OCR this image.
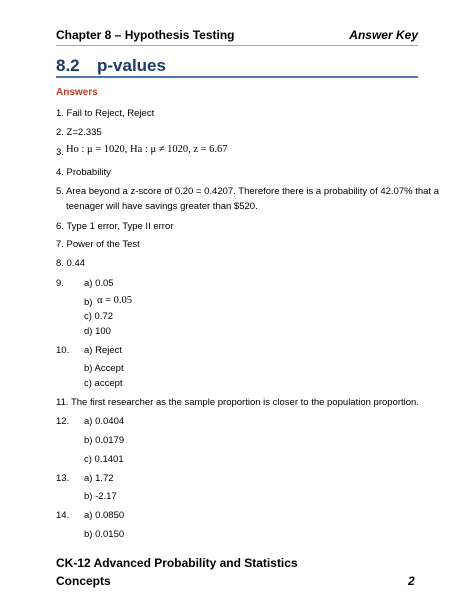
Chapter 8 – Hypothesis Testing	Answer Key
8.2 p-values
Answers
1. Fail to Reject, Reject
2. Z=2.335
3. Ho : μ = 1020, Ha : μ ≠ 1020, z = 6.67
4. Probability
5. Area beyond a z-score of 0.20 = 0.4207. Therefore there is a probability of 42.07% that a
teenager will have savings greater than $520.
6. Type 1 error, Type II error
7. Power of the Test
8. 0.44
9. a) 0.05
b) α = 0.05
c) 0.72
d) 100
10. a) Reject
b) Accept
c) accept
11. The first researcher as the sample proportion is closer to the population proportion.
12. a) 0.0404
b) 0.0179
c) 0.1401
13. a) 1.72
b) -2.17
14. a) 0.0850
b) 0.0150
CK-12 Advanced Probability and Statistics
Concepts	2
